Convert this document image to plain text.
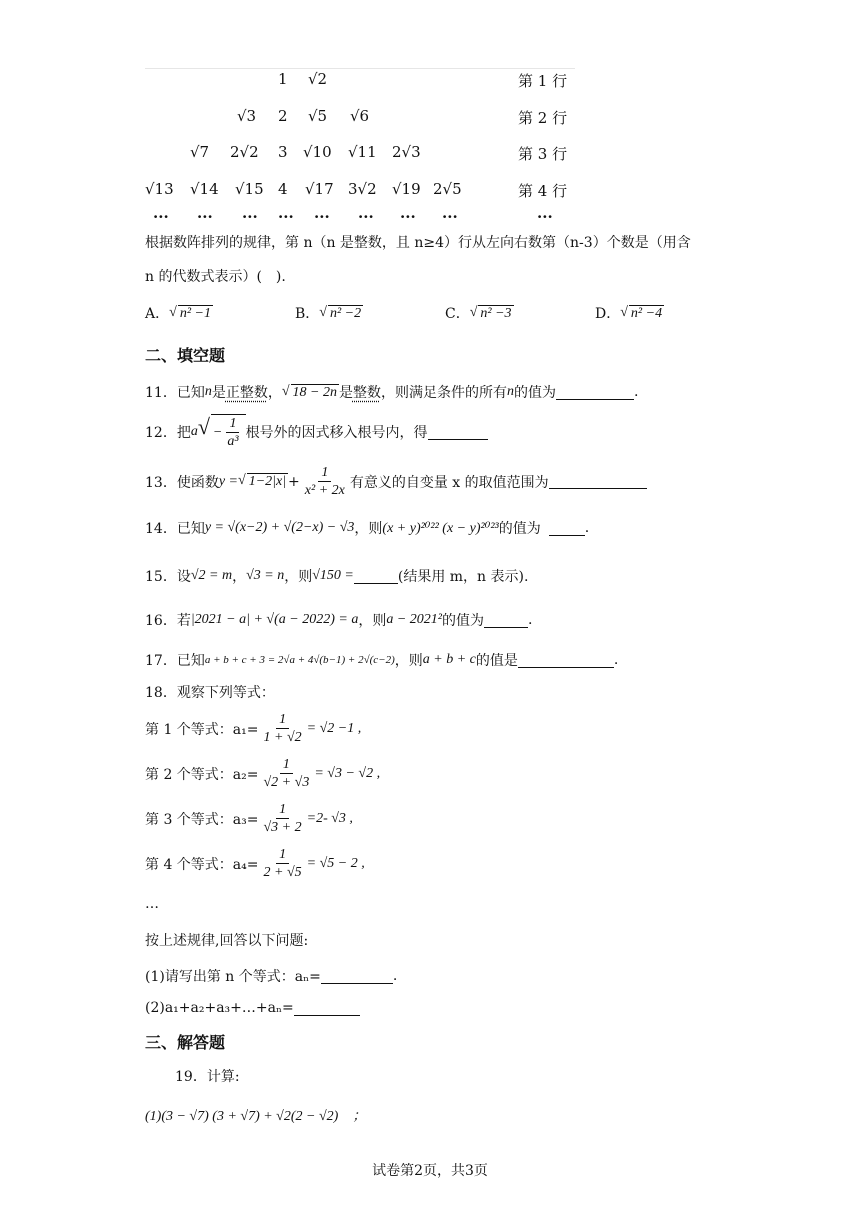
1 √2	第 1 行
√3 2 √5 √6	第 2 行
√7 2√2 3 √10 √11 2√3	第 3 行
√13 √14 √15 4 √17 3√2 √19 2√5	第 4 行
... ... ... ... ... ... ... ...	...
根据数阵排列的规律，第 n（n 是整数，且 n≥4）行从左向右数第（n-3）个数是（用含
n 的代数式表示）(　).
A． √ n² −1	B． √ n² −2	C． √ n² −3	D． √ n² −4
二、填空题
11．已知 n 是 正整数 ， √ 18 − 2n 是 整数 ，则满足条件的所有 n 的值为	.
12．把 a √ − $\frac{1}{\text{a³}}$ 根号外的因式移入根号内，得
13．使函数 y = √ $1-2|x| + \frac{1}{\text{x² + 2x}}$ 有意义的自变量 x 的取值范围为
14．已知 y = √(x−2) + √(2−x) − √3 ，则 (x + y)²⁰²² (x − y)²⁰²³ 的值为	.
15．设 √2 = m ， √3 = n ，则 √150 =	(结果用 m，n 表示).
16．若 |2021 − a| + √(a − 2022) = a ，则 a − 2021² 的值为	.
17．已知 a + b + c + 3 = 2√a + 4√(b−1) + 2√(c−2) ，则 a + b + c 的值是	.
18．观察下列等式：
第 1 个等式：$a_1= \frac{1}{1 + √2} = √2 -1$ ,
第 2 个等式：$a_2= \frac{1}{√2 + √3} = √3 - √2$ ,
第 3 个等式：$a_3= \frac{1}{√3 + 2} =2-$ √3 ,
第 4 个等式：$a_4= \frac{1}{2 + √5} = √5 - 2$ ,
…
按上述规律,回答以下问题:
(1)请写出第 n 个等式：aₙ=	.
(2)a₁+a₂+a₃+…+aₙ=
三、解答题
19．计算:
(1)(3 − √7) (3 + √7) + √2(2 − √2)　；
试卷第2页，共3页
